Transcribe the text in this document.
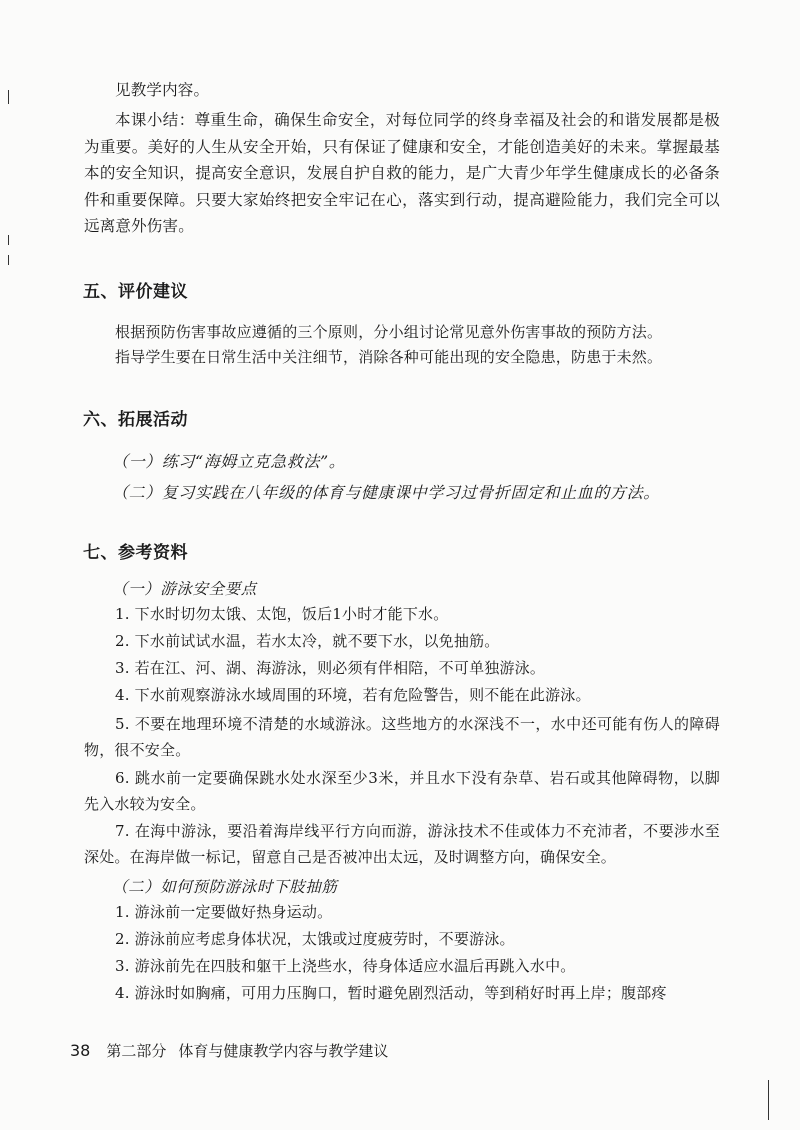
见教学内容。

本课小结：尊重生命，确保生命安全，对每位同学的终身幸福及社会的和谐发展都是极为重要。美好的人生从安全开始，只有保证了健康和安全，才能创造美好的未来。掌握最基本的安全知识，提高安全意识，发展自护自救的能力，是广大青少年学生健康成长的必备条件和重要保障。只要大家始终把安全牢记在心，落实到行动，提高避险能力，我们完全可以远离意外伤害。

五、评价建议

根据预防伤害事故应遵循的三个原则，分小组讨论常见意外伤害事故的预防方法。

指导学生要在日常生活中关注细节，消除各种可能出现的安全隐患，防患于未然。

六、拓展活动

（一）练习“海姆立克急救法”。

（二）复习实践在八年级的体育与健康课中学习过骨折固定和止血的方法。

七、参考资料

（一）游泳安全要点

1. 下水时切勿太饿、太饱，饭后1小时才能下水。

2. 下水前试试水温，若水太冷，就不要下水，以免抽筋。

3. 若在江、河、湖、海游泳，则必须有伴相陪，不可单独游泳。

4. 下水前观察游泳水域周围的环境，若有危险警告，则不能在此游泳。

5. 不要在地理环境不清楚的水域游泳。这些地方的水深浅不一，水中还可能有伤人的障碍物，很不安全。

6. 跳水前一定要确保跳水处水深至少3米，并且水下没有杂草、岩石或其他障碍物，以脚先入水较为安全。

7. 在海中游泳，要沿着海岸线平行方向而游，游泳技术不佳或体力不充沛者，不要涉水至深处。在海岸做一标记，留意自己是否被冲出太远，及时调整方向，确保安全。

（二）如何预防游泳时下肢抽筋

1. 游泳前一定要做好热身运动。

2. 游泳前应考虑身体状况，太饿或过度疲劳时，不要游泳。

3. 游泳前先在四肢和躯干上浇些水，待身体适应水温后再跳入水中。

4. 游泳时如胸痛，可用力压胸口，暂时避免剧烈活动，等到稍好时再上岸；腹部疼

38 第二部分 体育与健康教学内容与教学建议
